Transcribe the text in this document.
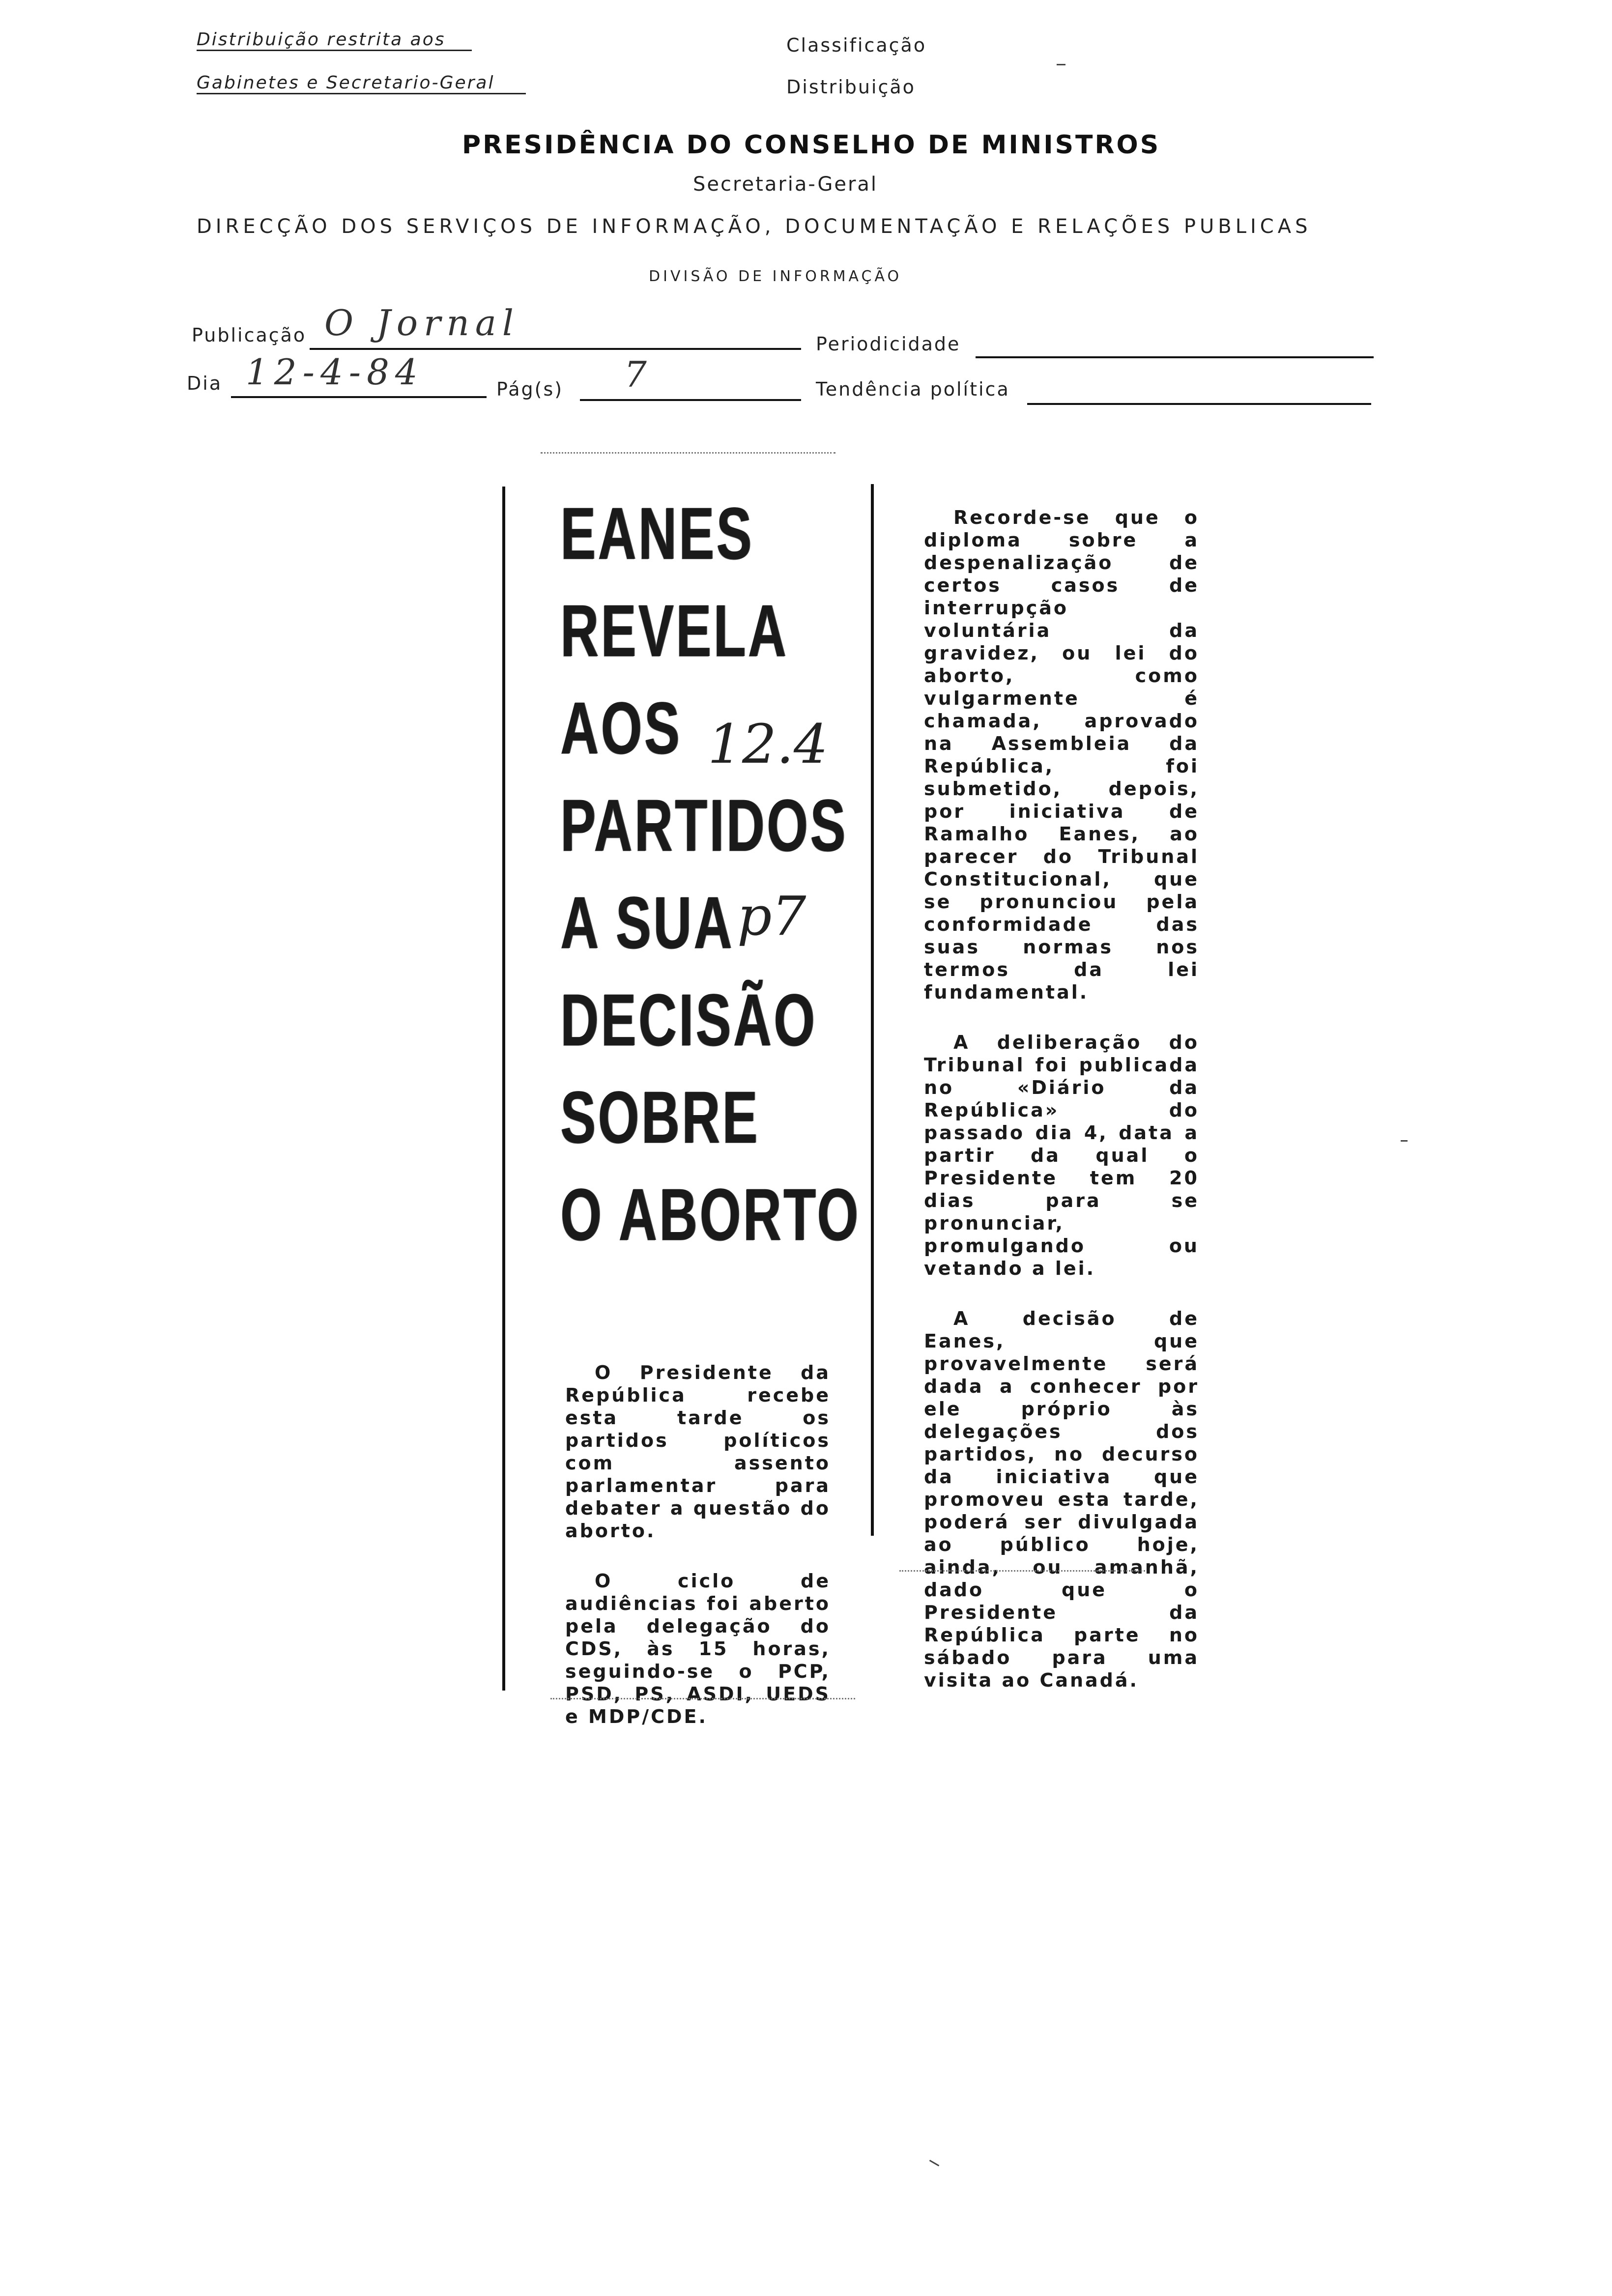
Distribuição restrita aos
Gabinetes e Secretario-Geral
Classificação
Distribuição
PRESIDÊNCIA DO CONSELHO DE MINISTROS
Secretaria-Geral
DIRECÇÃO DOS SERVIÇOS DE INFORMAÇÃO, DOCUMENTAÇÃO E RELAÇÕES PUBLICAS
DIVISÃO DE INFORMAÇÃO
Publicação O Jornal
Periodicidade
Dia 12-4-84	Pág(s) 7	Tendência política
EANES
REVELA
AOS
PARTIDOS
A SUA
DECISÃO
SOBRE
O ABORTO
12.4
p7

O Presidente da República recebe esta tarde os partidos políticos com assento parlamentar para debater a questão do aborto.

O ciclo de audiências foi aberto pela delegação do CDS, às 15 horas, seguindo-se o PCP, PSD, PS, ASDI, UEDS e MDP/CDE.

Recorde-se que o diploma sobre a despenalização de certos casos de interrupção voluntária da gravidez, ou lei do aborto, como vulgarmente é chamada, aprovado na Assembleia da República, foi submetido, depois, por iniciativa de Ramalho Eanes, ao parecer do Tribunal Constitucional, que se pronunciou pela conformidade das suas normas nos termos da lei fundamental.

A deliberação do Tribunal foi publicada no «Diário da República» do passado dia 4, data a partir da qual o Presidente tem 20 dias para se pronunciar, promulgando ou vetando a lei.

A decisão de Eanes, que provavelmente será dada a conhecer por ele próprio às delegações dos partidos, no decurso da iniciativa que promoveu esta tarde, poderá ser divulgada ao público hoje, ainda, ou amanhã, dado que o Presidente da República parte no sábado para uma visita ao Canadá.
